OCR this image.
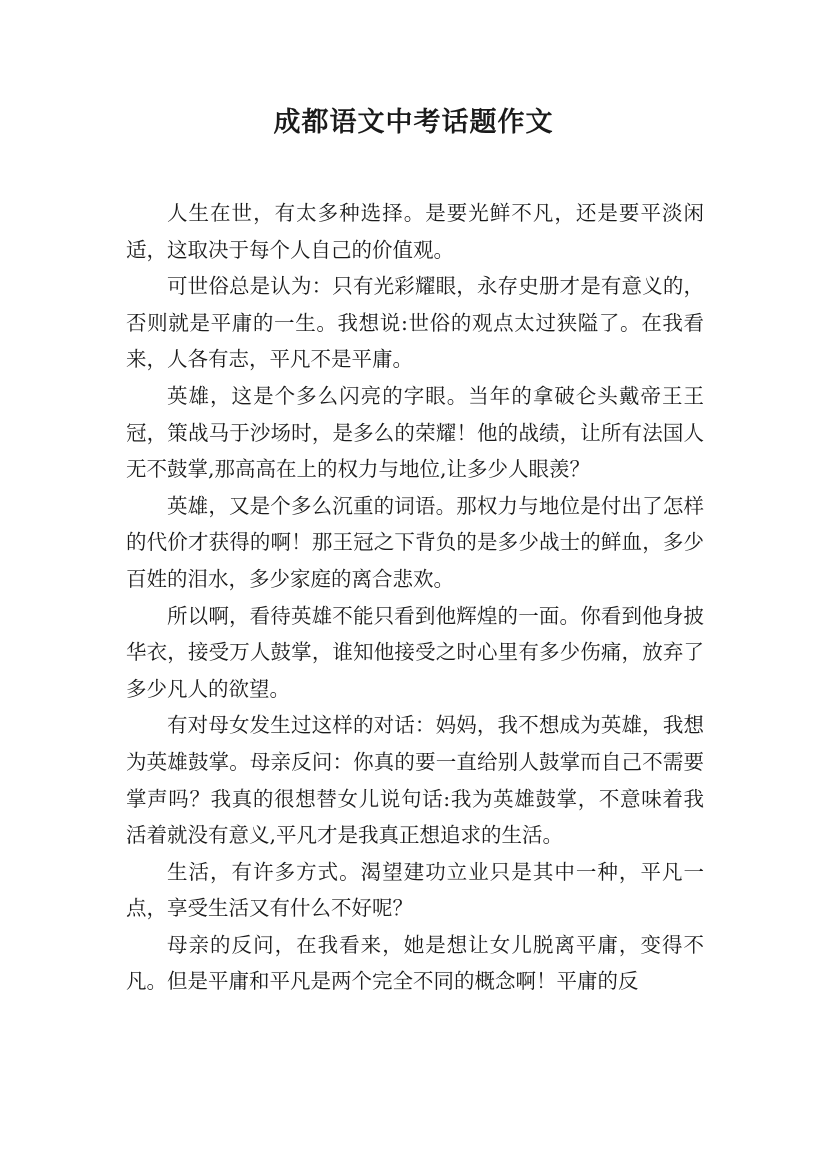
成都语文中考话题作文

人生在世，有太多种选择。是要光鲜不凡，还是要平淡闲适，这取决于每个人自己的价值观。

可世俗总是认为：只有光彩耀眼，永存史册才是有意义的，否则就是平庸的一生。我想说:世俗的观点太过狭隘了。在我看来，人各有志，平凡不是平庸。

英雄，这是个多么闪亮的字眼。当年的拿破仑头戴帝王王冠，策战马于沙场时，是多么的荣耀！他的战绩，让所有法国人无不鼓掌,那高高在上的权力与地位,让多少人眼羡？

英雄，又是个多么沉重的词语。那权力与地位是付出了怎样的代价才获得的啊！那王冠之下背负的是多少战士的鲜血，多少百姓的泪水，多少家庭的离合悲欢。

所以啊，看待英雄不能只看到他辉煌的一面。你看到他身披华衣，接受万人鼓掌，谁知他接受之时心里有多少伤痛，放弃了多少凡人的欲望。

有对母女发生过这样的对话：妈妈，我不想成为英雄，我想为英雄鼓掌。母亲反问：你真的要一直给别人鼓掌而自己不需要掌声吗？我真的很想替女儿说句话:我为英雄鼓掌，不意味着我活着就没有意义,平凡才是我真正想追求的生活。

生活，有许多方式。渴望建功立业只是其中一种，平凡一点，享受生活又有什么不好呢？

母亲的反问，在我看来，她是想让女儿脱离平庸，变得不凡。但是平庸和平凡是两个完全不同的概念啊！平庸的反
